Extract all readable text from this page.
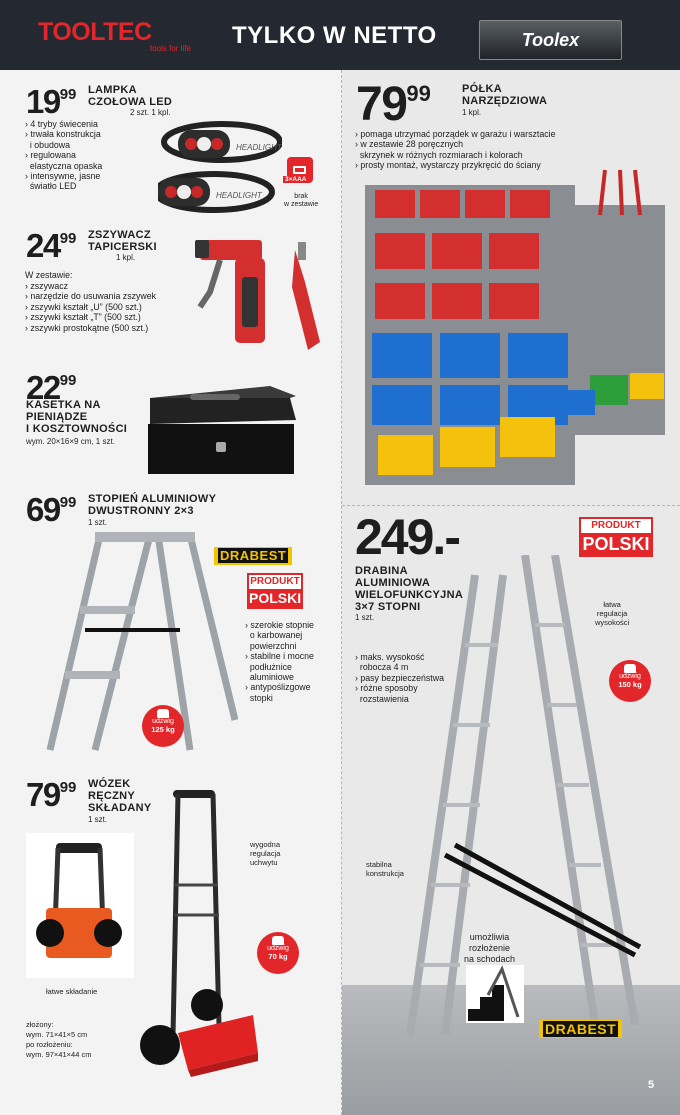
TOOLTEC
tools for life TYLKO W NETTO	Toolex
$19^{99}$ LAMPKA
CZOŁOWA LED
2 szt. 1 kpl.

› 4 tryby świecenia

› trwała konstrukcja

i obudowa

› regulowana

elastyczna opaska

› intensywne, jasne

światło LED

HEADLIGHT
HEADLIGHT
3×AAA
brak
w zestawie
$24^{99}$ ZSZYWACZ
TAPICERSKI
1 kpl.
W zestawie:

› zszywacz

› narzędzie do usuwania zszywek

› zszywki kształt „U” (500 szt.)

› zszywki kształt „T” (500 szt.)

› zszywki prostokątne (500 szt.)

$22^{99}$
KASETKA NA
PIENIĄDZE
I KOSZTOWNOŚCI
wym. 20×16×9 cm, 1 szt.
$69^{99}$ STOPIEŃ ALUMINIOWY
DWUSTRONNY 2×3
1 szt.
DRABEST
PRODUKT
POLSKI

› szerokie stopnie

o karbowanej

powierzchni

› stabilne i mocne

podłużnice

aluminiowe

› antypoślizgowe

stopki

udźwig
125 kg
$79^{99}$ WÓZEK
RĘCZNY
SKŁADANY
1 szt.
łatwe składanie
złożony:
wym. 71×41×5 cm
po rozłożeniu:
wym. 97×41×44 cm
wygodna
regulacja
uchwytu
udźwig
70 kg
$79^{99}$	PÓŁKA
NARZĘDZIOWA
1 kpl.

› pomaga utrzymać porządek w garażu i warsztacie

› w zestawie 28 poręcznych

skrzynek w różnych rozmiarach i kolorach

› prosty montaż, wystarczy przykręcić do ściany

249.-
DRABINA
ALUMINIOWA
WIELOFUNKCYJNA
3×7 STOPNI
1 szt.

› maks. wysokość

robocza 4 m

› pasy bezpieczeństwa

› różne sposoby

rozstawienia

PRODUKT
POLSKI
łatwa
regulacja
wysokości
udźwig
150 kg
stabilna
konstrukcja
umożliwia
rozłożenie
na schodach
DRABEST
5
